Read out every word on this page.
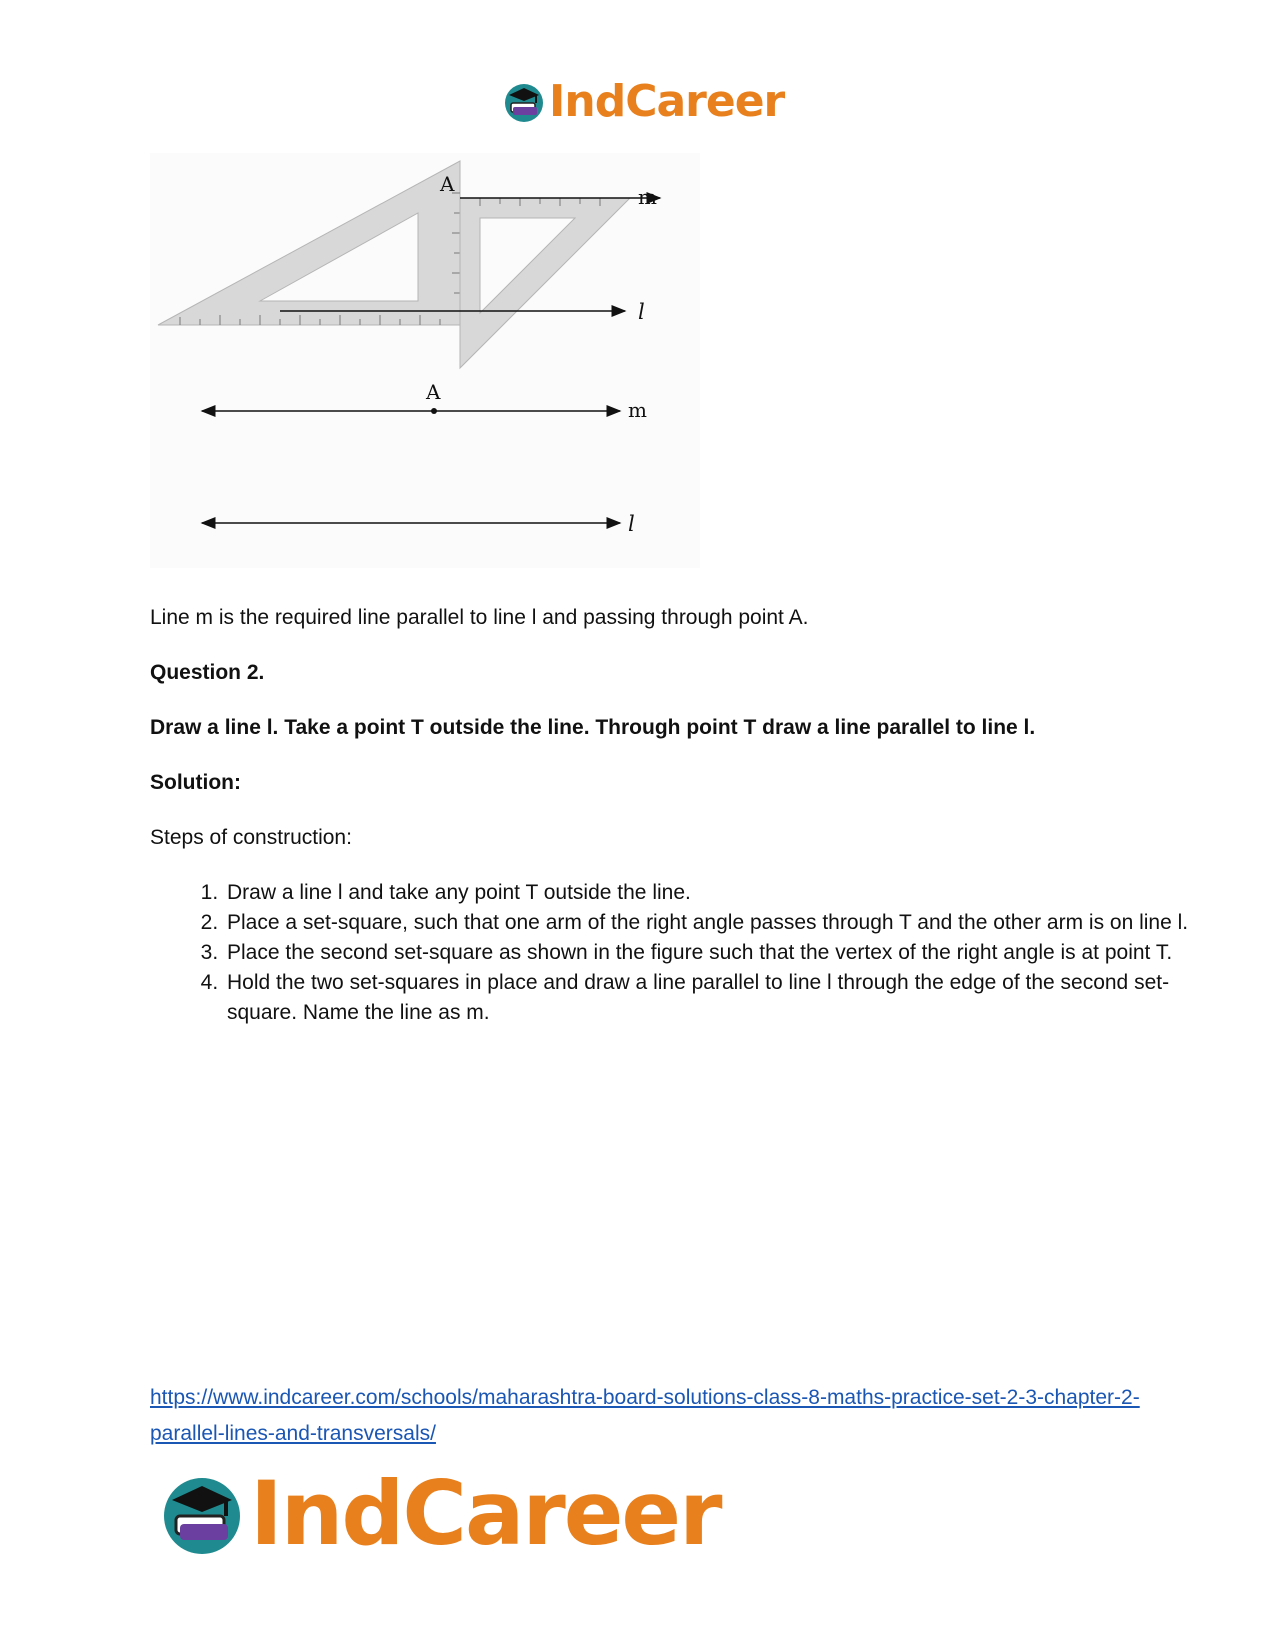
IndCareer
A
m
l
A
m
l
Line m is the required line parallel to line l and passing through point A.
Question 2.
Draw a line l. Take a point T outside the line. Through point T draw a line parallel to line l.
Solution:
Steps of construction:
1. Draw a line l and take any point T outside the line.
2. Place a set-square, such that one arm of the right angle passes through T and the other arm is on line l.
3. Place the second set-square as shown in the figure such that the vertex of the right angle is at point T.
4. Hold the two set-squares in place and draw a line parallel to line l through the edge of the second set-square. Name the line as m.
https://www.indcareer.com/schools/maharashtra-board-solutions-class-8-maths-practice-set-2-3-chapter-2-parallel-lines-and-transversals/
IndCareer
